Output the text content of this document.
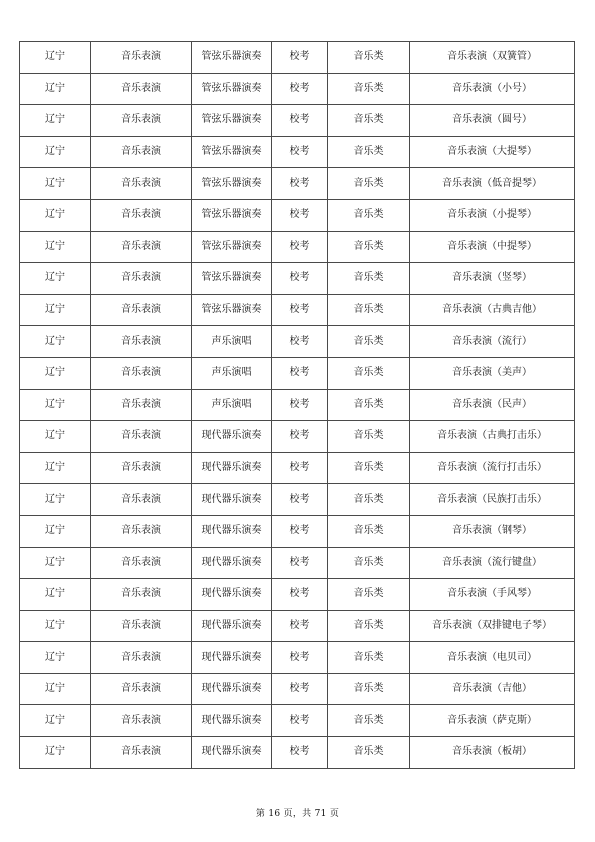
辽宁	音乐表演	管弦乐器演奏	校考	音乐类	音乐表演（双簧管）
辽宁	音乐表演	管弦乐器演奏	校考	音乐类	音乐表演（小号）
辽宁	音乐表演	管弦乐器演奏	校考	音乐类	音乐表演（圆号）
辽宁	音乐表演	管弦乐器演奏	校考	音乐类	音乐表演（大提琴）
辽宁	音乐表演	管弦乐器演奏	校考	音乐类	音乐表演（低音提琴）
辽宁	音乐表演	管弦乐器演奏	校考	音乐类	音乐表演（小提琴）
辽宁	音乐表演	管弦乐器演奏	校考	音乐类	音乐表演（中提琴）
辽宁	音乐表演	管弦乐器演奏	校考	音乐类	音乐表演（竖琴）
辽宁	音乐表演	管弦乐器演奏	校考	音乐类	音乐表演（古典吉他）
辽宁	音乐表演	声乐演唱	校考	音乐类	音乐表演（流行）
辽宁	音乐表演	声乐演唱	校考	音乐类	音乐表演（美声）
辽宁	音乐表演	声乐演唱	校考	音乐类	音乐表演（民声）
辽宁	音乐表演	现代器乐演奏	校考	音乐类	音乐表演（古典打击乐）
辽宁	音乐表演	现代器乐演奏	校考	音乐类	音乐表演（流行打击乐）
辽宁	音乐表演	现代器乐演奏	校考	音乐类	音乐表演（民族打击乐）
辽宁	音乐表演	现代器乐演奏	校考	音乐类	音乐表演（钢琴）
辽宁	音乐表演	现代器乐演奏	校考	音乐类	音乐表演（流行键盘）
辽宁	音乐表演	现代器乐演奏	校考	音乐类	音乐表演（手风琴）
辽宁	音乐表演	现代器乐演奏	校考	音乐类	音乐表演（双排键电子琴）
辽宁	音乐表演	现代器乐演奏	校考	音乐类	音乐表演（电贝司）
辽宁	音乐表演	现代器乐演奏	校考	音乐类	音乐表演（吉他）
辽宁	音乐表演	现代器乐演奏	校考	音乐类	音乐表演（萨克斯）
辽宁	音乐表演	现代器乐演奏	校考	音乐类	音乐表演（板胡）
第 16 页，共 71 页
